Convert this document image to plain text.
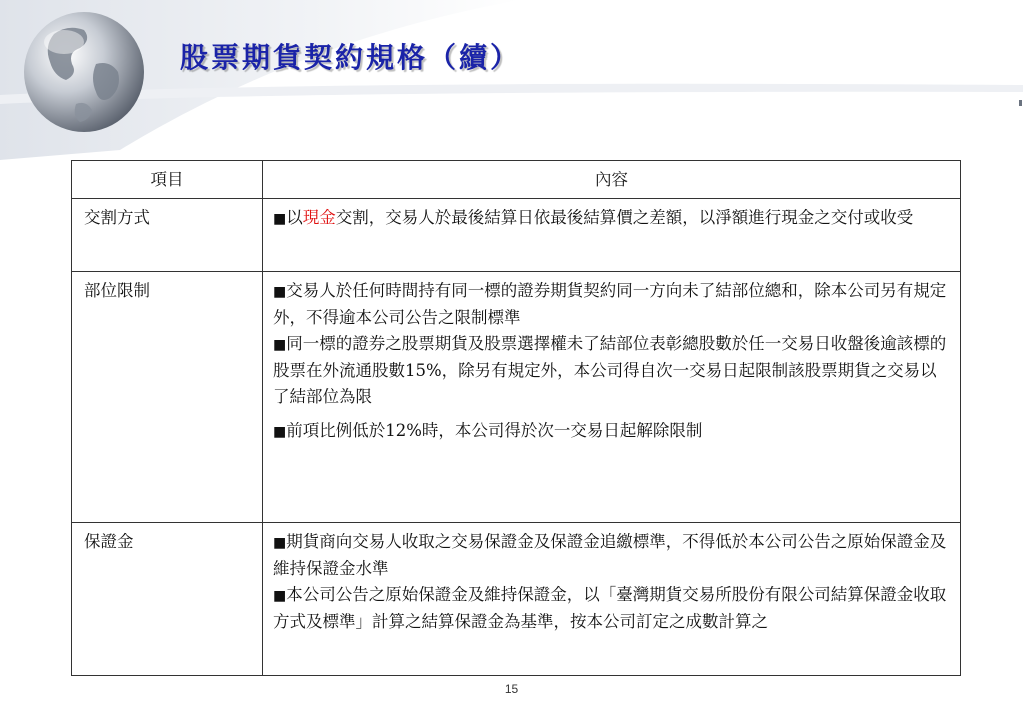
股票期貨契約規格（續）
項目	內容
交割方式	■以現金交割，交易人於最後結算日依最後結算價之差額，以淨額進行現金之交付或收受

部位限制	■交易人於任何時間持有同一標的證券期貨契約同一方向未了結部位總和，除本公司另有規定外，不得逾本公司公告之限制標準

■同一標的證券之股票期貨及股票選擇權未了結部位表彰總股數於任一交易日收盤後逾該標的股票在外流通股數15%，除另有規定外，本公司得自次一交易日起限制該股票期貨之交易以了結部位為限

■前項比例低於12%時，本公司得於次一交易日起解除限制

保證金	■期貨商向交易人收取之交易保證金及保證金追繳標準，不得低於本公司公告之原始保證金及維持保證金水準

■本公司公告之原始保證金及維持保證金，以「臺灣期貨交易所股份有限公司結算保證金收取方式及標準」計算之結算保證金為基準，按本公司訂定之成數計算之

15
